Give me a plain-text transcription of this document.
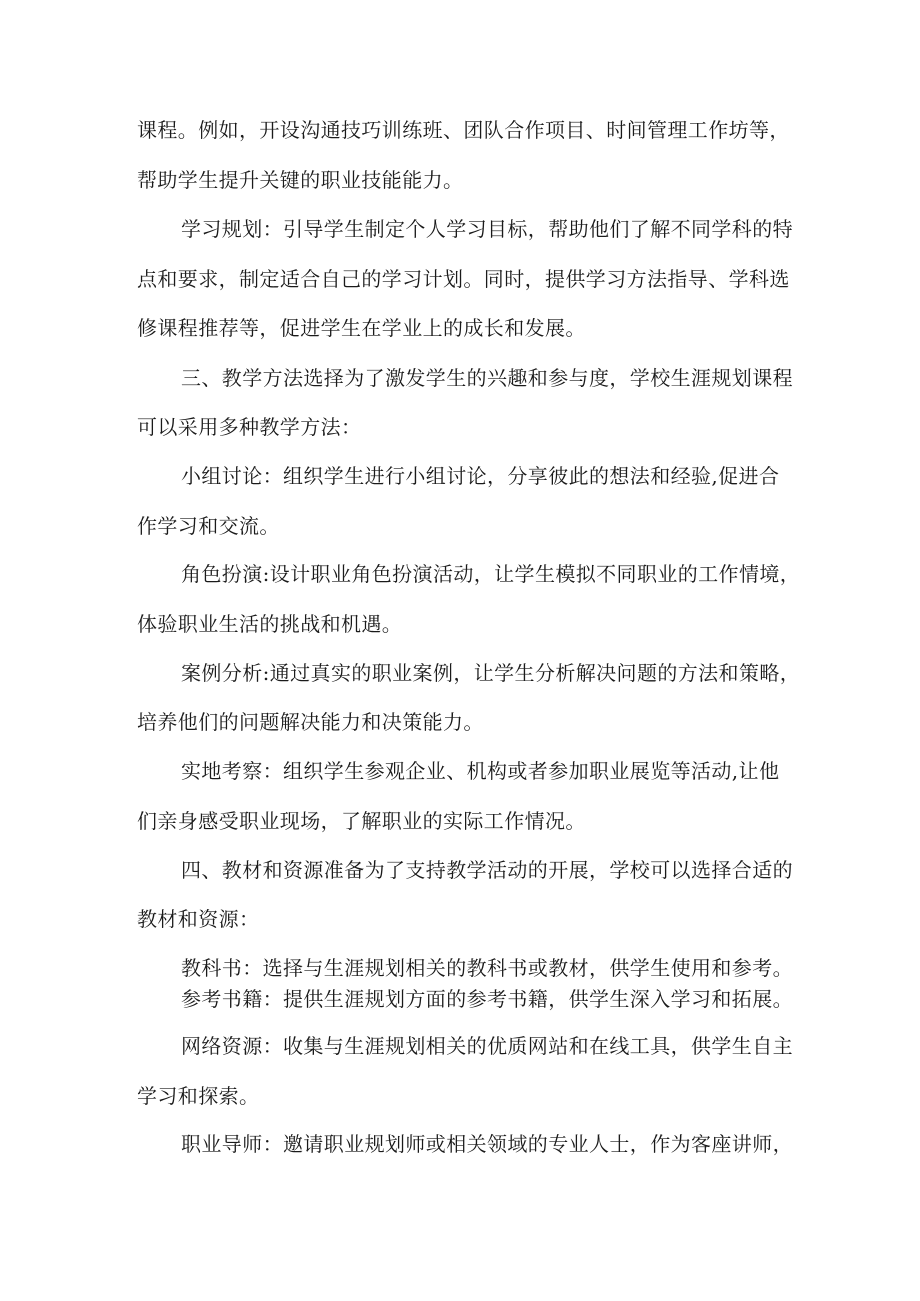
课程。例如，开设沟通技巧训练班、团队合作项目、时间管理工作坊等，
帮助学生提升关键的职业技能能力。
学习规划：引导学生制定个人学习目标，帮助他们了解不同学科的特
点和要求，制定适合自己的学习计划。同时，提供学习方法指导、学科选
修课程推荐等，促进学生在学业上的成长和发展。
三、教学方法选择为了激发学生的兴趣和参与度，学校生涯规划课程
可以采用多种教学方法：
小组讨论：组织学生进行小组讨论，分享彼此的想法和经验,促进合
作学习和交流。
角色扮演:设计职业角色扮演活动，让学生模拟不同职业的工作情境，
体验职业生活的挑战和机遇。
案例分析:通过真实的职业案例，让学生分析解决问题的方法和策略，
培养他们的问题解决能力和决策能力。
实地考察：组织学生参观企业、机构或者参加职业展览等活动,让他
们亲身感受职业现场，了解职业的实际工作情况。
四、教材和资源准备为了支持教学活动的开展，学校可以选择合适的
教材和资源：
教科书：选择与生涯规划相关的教科书或教材，供学生使用和参考。
参考书籍：提供生涯规划方面的参考书籍，供学生深入学习和拓展。
网络资源：收集与生涯规划相关的优质网站和在线工具，供学生自主
学习和探索。
职业导师：邀请职业规划师或相关领域的专业人士，作为客座讲师，
